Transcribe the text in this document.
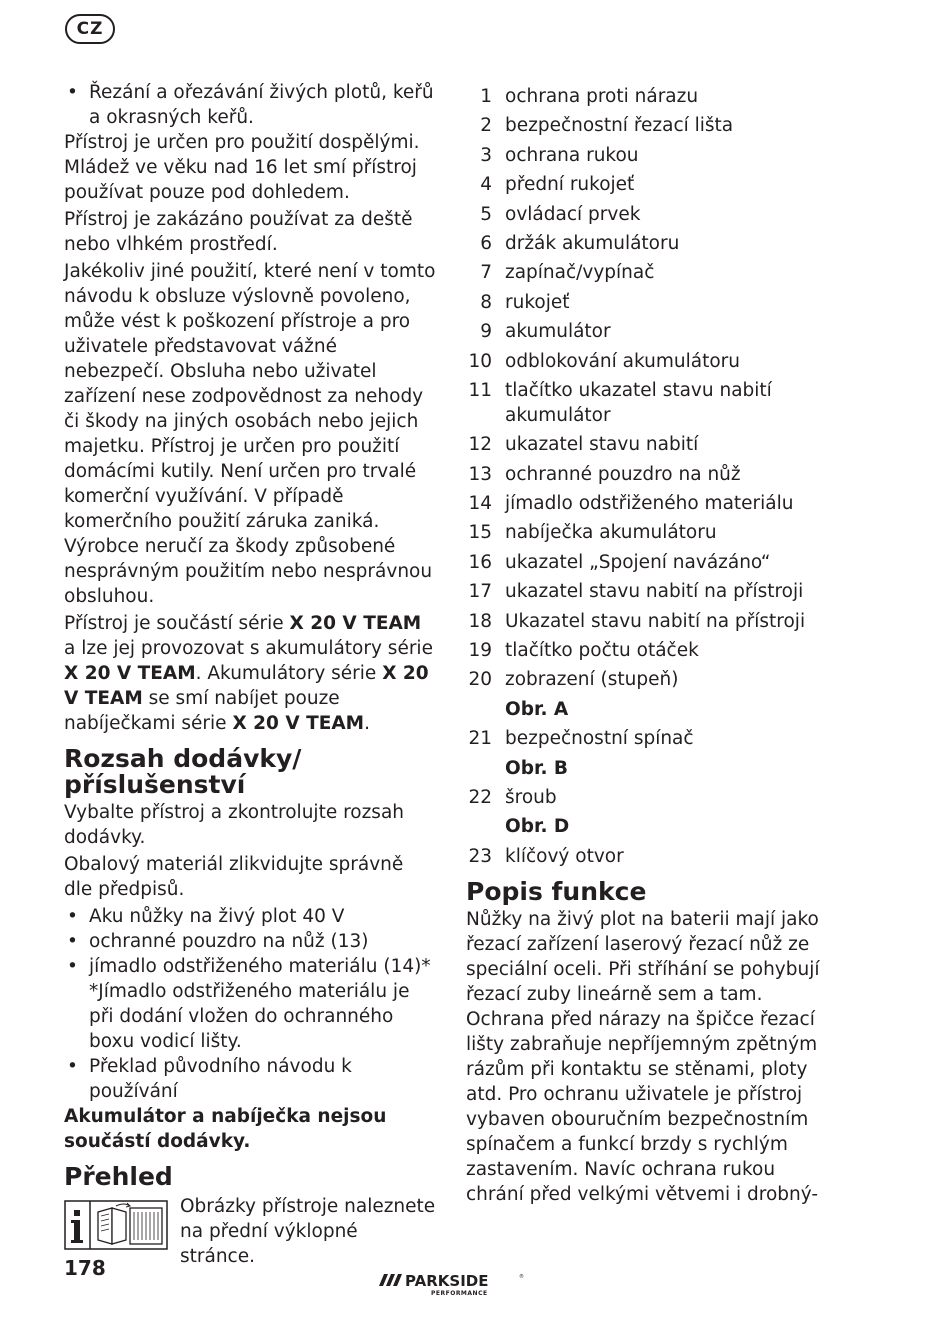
CZ
• Řezání a ořezávání živých plotů, keřů a okrasných keřů.

Přístroj je určen pro použití dospělými. Mládež ve věku nad 16 let smí přístroj používat pouze pod dohledem.

Přístroj je zakázáno používat za deště nebo vlhkém prostředí.

Jakékoliv jiné použití, které není v tomto návodu k obsluze výslovně povoleno, může vést k poškození přístroje a pro uživatele představovat vážné nebezpečí. Obsluha nebo uživatel zařízení nese zodpovědnost za nehody či škody na jiných osobách nebo jejich majetku. Přístroj je určen pro použití domácími kutily. Není určen pro trvalé komerční využívání. V případě komerčního použití záruka zaniká. Výrobce neručí za škody způsobené nesprávným použitím nebo nesprávnou obsluhou.

Přístroj je součástí série X 20 V TEAM a lze jej provozovat s akumulátory série X 20 V TEAM. Akumulátory série X 20 V TEAM se smí nabíjet pouze nabíječkami série X 20 V TEAM.

Rozsah dodávky/ příslušenství

Vybalte přístroj a zkontrolujte rozsah dodávky.

Obalový materiál zlikvidujte správně dle předpisů.

• Aku nůžky na živý plot 40 V
• ochranné pouzdro na nůž (13)
• jímadlo odstřiženého materiálu (14)*

*Jímadlo odstřiženého materiálu je při dodání vložen do ochranného boxu vodicí lišty.

• Překlad původního návodu k používání

Akumulátor a nabíječka nejsou součástí dodávky.

Přehled
Obrázky přístroje naleznete na přední výklopné stránce.
1 ochrana proti nárazu
2 bezpečnostní řezací lišta
3 ochrana rukou
4 přední rukojeť
5 ovládací prvek
6 držák akumulátoru
7 zapínač/vypínač
8 rukojeť
9 akumulátor
10 odblokování akumulátoru
11 tlačítko ukazatel stavu nabití akumulátor
12 ukazatel stavu nabití
13 ochranné pouzdro na nůž
14 jímadlo odstřiženého materiálu
15 nabíječka akumulátoru
16 ukazatel „Spojení navázáno“
17 ukazatel stavu nabití na přístroji
18 Ukazatel stavu nabití na přístroji
19 tlačítko počtu otáček
20 zobrazení (stupeň)
Obr. A
21 bezpečnostní spínač
Obr. B
22 šroub
Obr. D
23 klíčový otvor
Popis funkce

Nůžky na živý plot na baterii mají jako řezací zařízení laserový řezací nůž ze speciální oceli. Při stříhání se pohybují řezací zuby lineárně sem a tam. Ochrana před nárazy na špičce řezací lišty zabraňuje nepříjemným zpětným rázům při kontaktu se stěnami, ploty atd. Pro ochranu uživatele je přístroj vybaven obouručním bezpečnostním spínačem a funkcí brzdy s rychlým zastavením. Navíc ochrana rukou chrání před velkými větvemi i drobný-

178
PARKSIDE	®
PERFORMANCE
